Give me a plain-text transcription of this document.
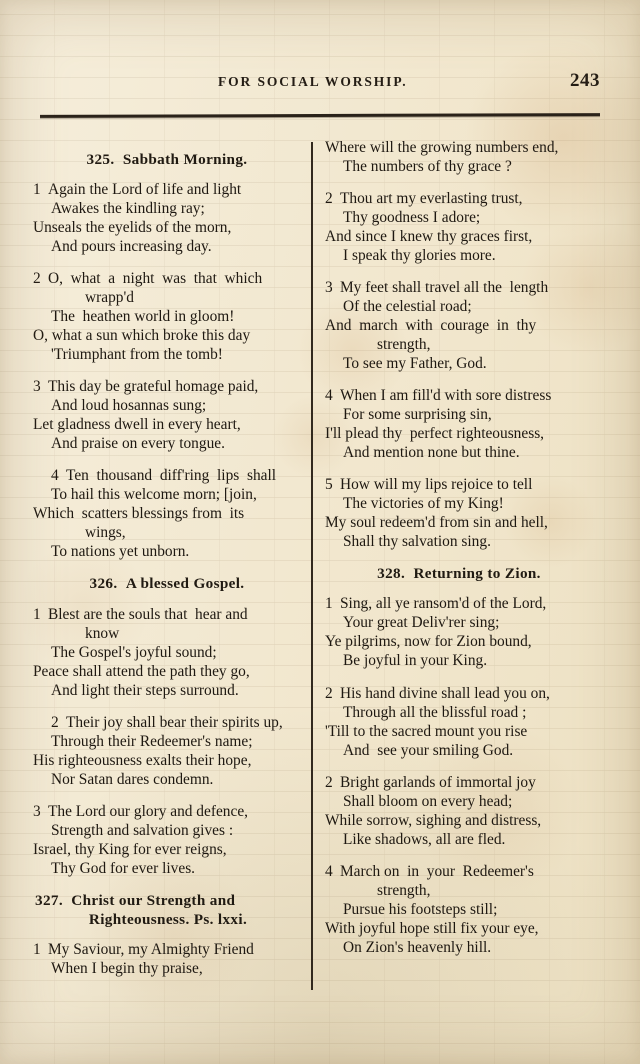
FOR SOCIAL WORSHIP.	243
325. Sabbath Morning.
1 Again the Lord of life and light
Awakes the kindling ray;
Unseals the eyelids of the morn,
And pours increasing day.
2 O,  what  a  night  was  that  which
wrapp'd
The  heathen world in gloom!
O, what a sun which broke this day
'Triumphant from the tomb!
3 This day be grateful homage paid,
And loud hosannas sung;
Let gladness dwell in every heart,
And praise on every tongue.
4 Ten  thousand  diff'ring  lips  shall
To hail this welcome morn; [join,
Which  scatters blessings from  its
wings,
To nations yet unborn.
326. A blessed Gospel.
1 Blest are the souls that  hear and
know
The Gospel's joyful sound;
Peace shall attend the path they go,
And light their steps surround.
2 Their joy shall bear their spirits up,
Through their Redeemer's name;
His righteousness exalts their hope,
Nor Satan dares condemn.
3 The Lord our glory and defence,
Strength and salvation gives :
Israel, thy King for ever reigns,
Thy God for ever lives.
327. Christ our Strength and
Righteousness. Ps. lxxi.
1 My Saviour, my Almighty Friend
When I begin thy praise,
Where will the growing numbers end,
The numbers of thy grace ?
2 Thou art my everlasting trust,
Thy goodness I adore;
And since I knew thy graces first,
I speak thy glories more.
3 My feet shall travel all the  length
Of the celestial road;
And  march  with  courage  in  thy
strength,
To see my Father, God.
4 When I am fill'd with sore distress
For some surprising sin,
I'll plead thy  perfect righteousness,
And mention none but thine.
5 How will my lips rejoice to tell
The victories of my King!
My soul redeem'd from sin and hell,
Shall thy salvation sing.
328. Returning to Zion.
1 Sing, all ye ransom'd of the Lord,
Your great Deliv'rer sing;
Ye pilgrims, now for Zion bound,
Be joyful in your King.
2 His hand divine shall lead you on,
Through all the blissful road ;
'Till to the sacred mount you rise
And  see your smiling God.
2 Bright garlands of immortal joy
Shall bloom on every head;
While sorrow, sighing and distress,
Like shadows, all are fled.
4 March on  in  your  Redeemer's
strength,
Pursue his footsteps still;
With joyful hope still fix your eye,
On Zion's heavenly hill.
